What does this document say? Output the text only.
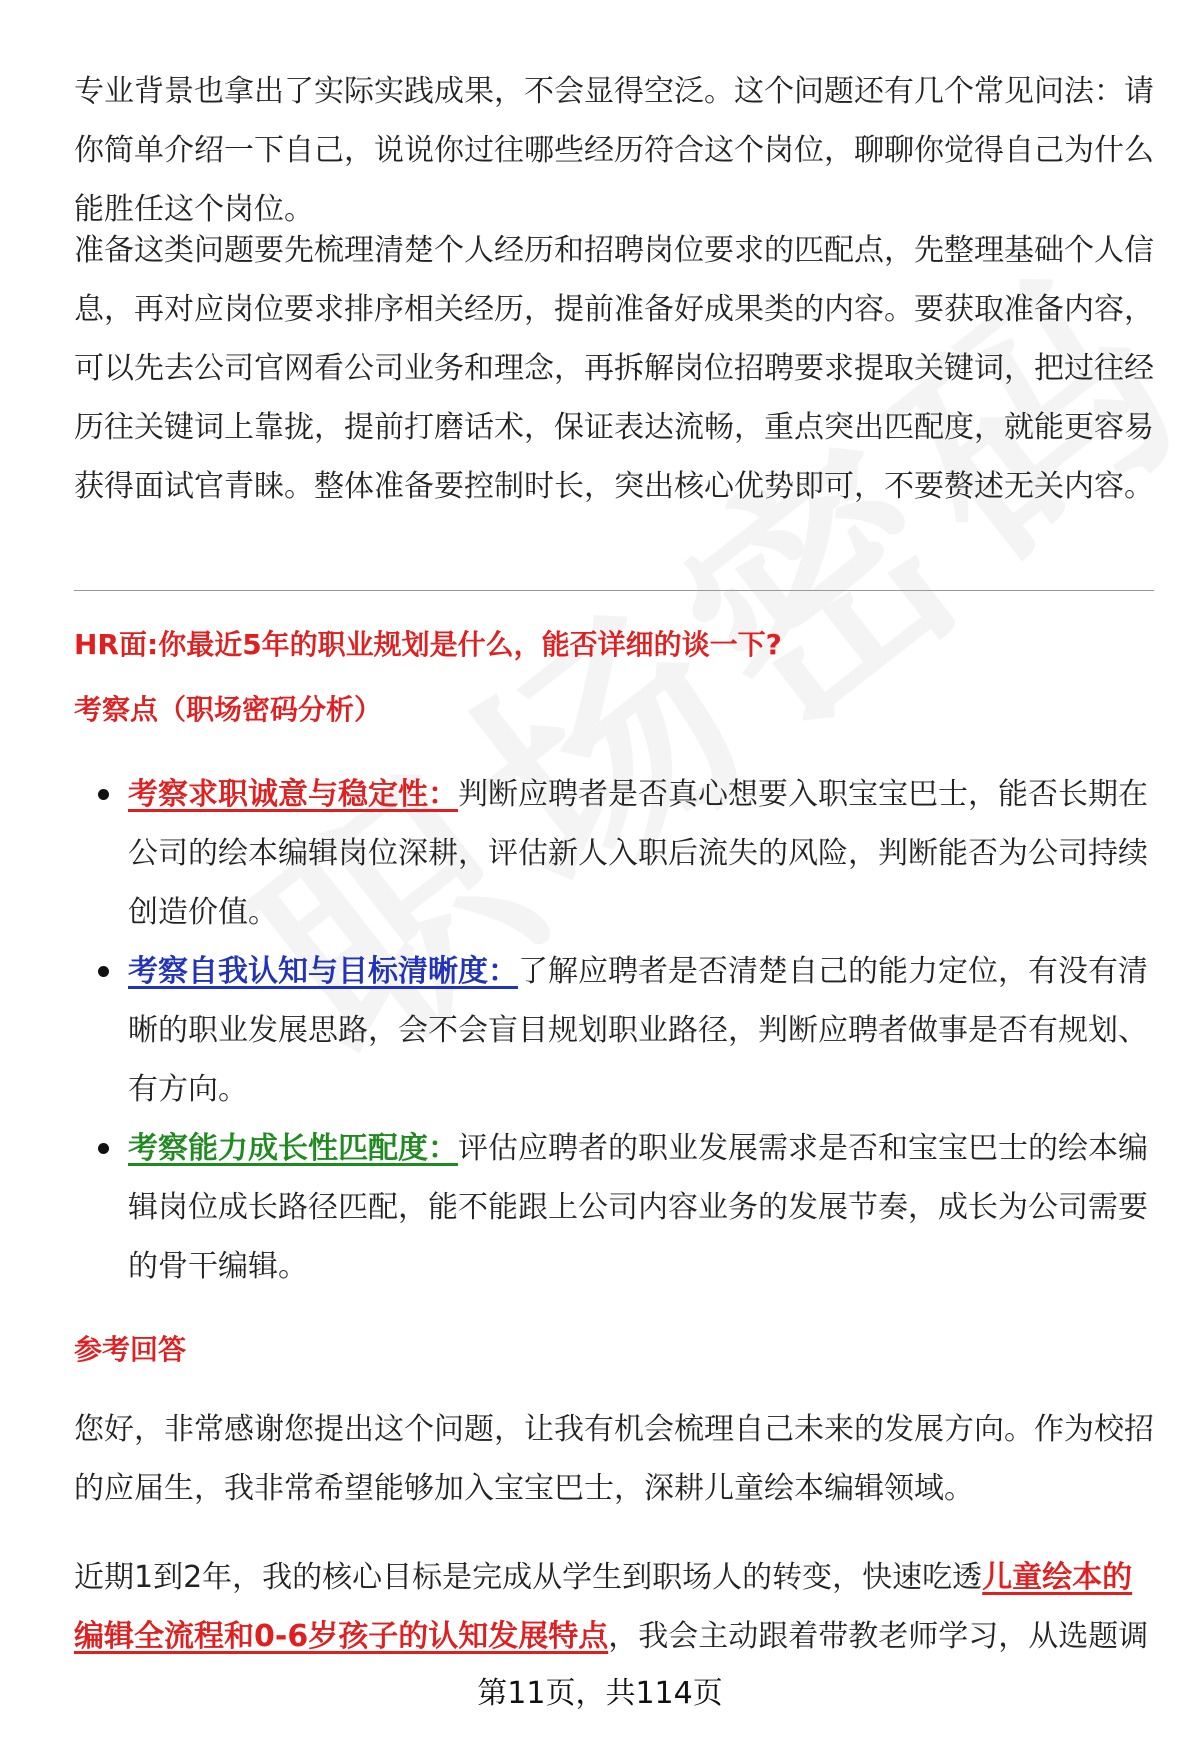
专业背景也拿出了实际实践成果，不会显得空泛。这个问题还有几个常见问法：请你简单介绍一下自己，说说你过往哪些经历符合这个岗位，聊聊你觉得自己为什么能胜任这个岗位。

准备这类问题要先梳理清楚个人经历和招聘岗位要求的匹配点，先整理基础个人信息，再对应岗位要求排序相关经历，提前准备好成果类的内容。要获取准备内容，可以先去公司官网看公司业务和理念，再拆解岗位招聘要求提取关键词，把过往经历往关键词上靠拢，提前打磨话术，保证表达流畅，重点突出匹配度，就能更容易获得面试官青睐。整体准备要控制时长，突出核心优势即可，不要赘述无关内容。

HR面:你最近5年的职业规划是什么，能否详细的谈一下?

考察点（职场密码分析）

考察求职诚意与稳定性：判断应聘者是否真心想要入职宝宝巴士，能否长期在公司的绘本编辑岗位深耕，评估新人入职后流失的风险，判断能否为公司持续创造价值。
考察自我认知与目标清晰度：了解应聘者是否清楚自己的能力定位，有没有清晰的职业发展思路，会不会盲目规划职业路径，判断应聘者做事是否有规划、有方向。
考察能力成长性匹配度：评估应聘者的职业发展需求是否和宝宝巴士的绘本编辑岗位成长路径匹配，能不能跟上公司内容业务的发展节奏，成长为公司需要的骨干编辑。

参考回答

您好，非常感谢您提出这个问题，让我有机会梳理自己未来的发展方向。作为校招的应届生，我非常希望能够加入宝宝巴士，深耕儿童绘本编辑领域。

近期1到2年，我的核心目标是完成从学生到职场人的转变，快速吃透儿童绘本的编辑全流程和0-6岁孩子的认知发展特点，我会主动跟着带教老师学习，从选题调

第11页，共114页
